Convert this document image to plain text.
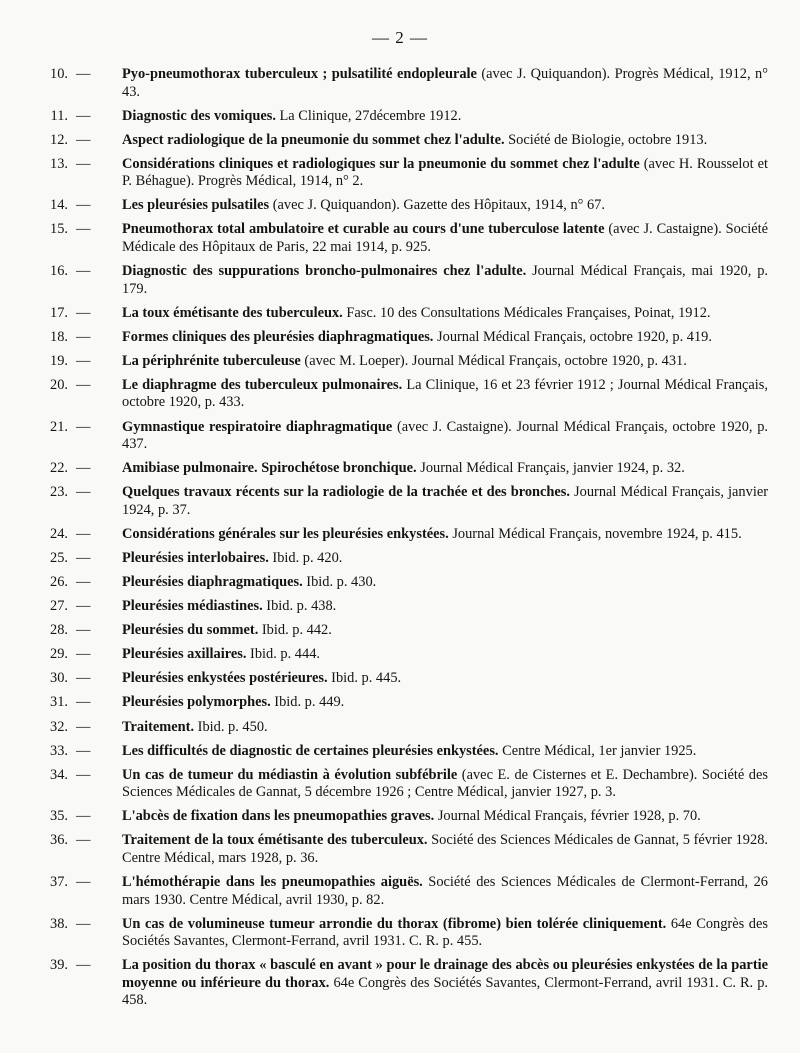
— 2 —
10. — Pyo-pneumothorax tuberculeux ; pulsatilité endopleurale (avec J. Quiquandon). Progrès Médical, 1912, n° 43.
11. — Diagnostic des vomiques. La Clinique, 27décembre 1912.
12. — Aspect radiologique de la pneumonie du sommet chez l'adulte. Société de Biologie, octobre 1913.
13. — Considérations cliniques et radiologiques sur la pneumonie du sommet chez l'adulte (avec H. Rousselot et P. Béhague). Progrès Médical, 1914, n° 2.
14. — Les pleurésies pulsatiles (avec J. Quiquandon). Gazette des Hôpitaux, 1914, n° 67.
15. — Pneumothorax total ambulatoire et curable au cours d'une tuberculose latente (avec J. Castaigne). Société Médicale des Hôpitaux de Paris, 22 mai 1914, p. 925.
16. — Diagnostic des suppurations broncho-pulmonaires chez l'adulte. Journal Médical Français, mai 1920, p. 179.
17. — La toux émétisante des tuberculeux. Fasc. 10 des Consultations Médicales Françaises, Poinat, 1912.
18. — Formes cliniques des pleurésies diaphragmatiques. Journal Médical Français, octobre 1920, p. 419.
19. — La périphrénite tuberculeuse (avec M. Loeper). Journal Médical Français, octobre 1920, p. 431.
20. — Le diaphragme des tuberculeux pulmonaires. La Clinique, 16 et 23 février 1912 ; Journal Médical Français, octobre 1920, p. 433.
21. — Gymnastique respiratoire diaphragmatique (avec J. Castaigne). Journal Médical Français, octobre 1920, p. 437.
22. — Amibiase pulmonaire. Spirochétose bronchique. Journal Médical Français, janvier 1924, p. 32.
23. — Quelques travaux récents sur la radiologie de la trachée et des bronches. Journal Médical Français, janvier 1924, p. 37.
24. — Considérations générales sur les pleurésies enkystées. Journal Médical Français, novembre 1924, p. 415.
25. — Pleurésies interlobaires. Ibid. p. 420.
26. — Pleurésies diaphragmatiques. Ibid. p. 430.
27. — Pleurésies médiastines. Ibid. p. 438.
28. — Pleurésies du sommet. Ibid. p. 442.
29. — Pleurésies axillaires. Ibid. p. 444.
30. — Pleurésies enkystées postérieures. Ibid. p. 445.
31. — Pleurésies polymorphes. Ibid. p. 449.
32. — Traitement. Ibid. p. 450.
33. — Les difficultés de diagnostic de certaines pleurésies enkystées. Centre Médical, 1er janvier 1925.
34. — Un cas de tumeur du médiastin à évolution subfébrile (avec E. de Cisternes et E. Dechambre). Société des Sciences Médicales de Gannat, 5 décembre 1926 ; Centre Médical, janvier 1927, p. 3.
35. — L'abcès de fixation dans les pneumopathies graves. Journal Médical Français, février 1928, p. 70.
36. — Traitement de la toux émétisante des tuberculeux. Société des Sciences Médicales de Gannat, 5 février 1928. Centre Médical, mars 1928, p. 36.
37. — L'hémothérapie dans les pneumopathies aiguës. Société des Sciences Médicales de Clermont-Ferrand, 26 mars 1930. Centre Médical, avril 1930, p. 82.
38. — Un cas de volumineuse tumeur arrondie du thorax (fibrome) bien tolérée cliniquement. 64e Congrès des Sociétés Savantes, Clermont-Ferrand, avril 1931. C. R. p. 455.
39. — La position du thorax « basculé en avant » pour le drainage des abcès ou pleurésies enkystées de la partie moyenne ou inférieure du thorax. 64e Congrès des Sociétés Savantes, Clermont-Ferrand, avril 1931. C. R. p. 458.
